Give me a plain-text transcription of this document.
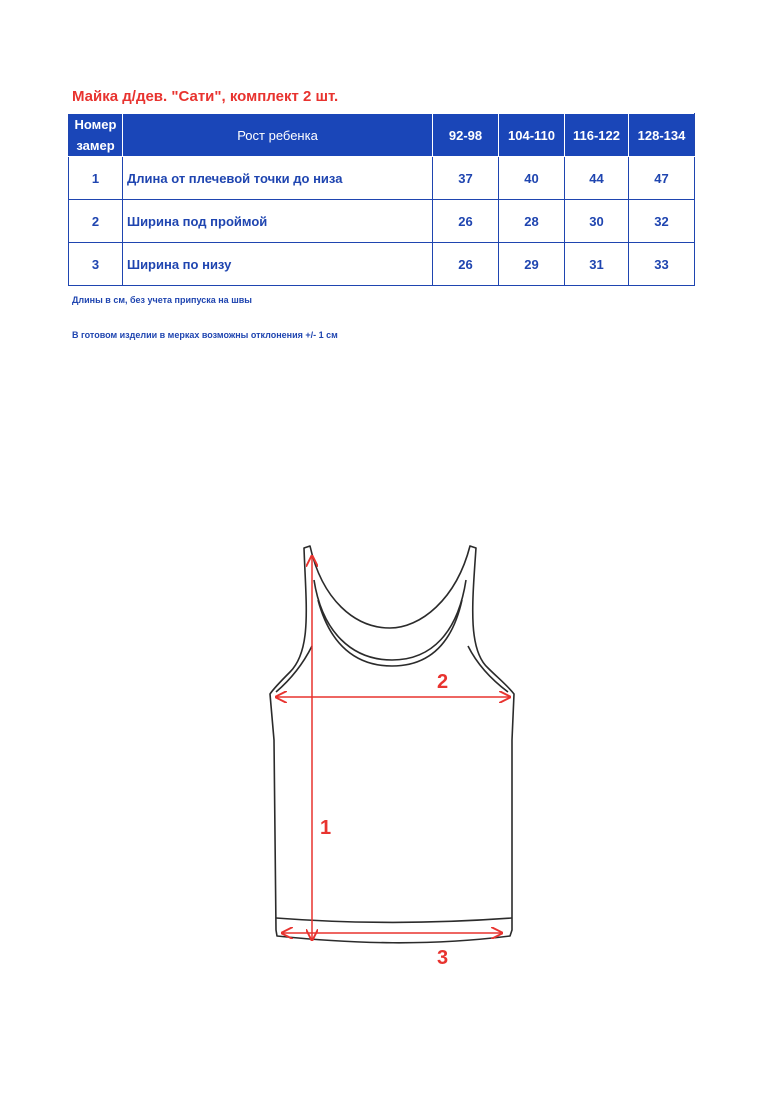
Майка д/дев. "Сати", комплект 2 шт.
Номер
замер	Рост ребенка	92-98	104-110	116-122	128-134
1	Длина от плечевой точки до низа	37	40	44	47
2	Ширина под проймой	26	28	30	32
3	Ширина по низу	26	29	31	33
Длины в см, без учета припуска на швы
В готовом изделии в мерках возможны отклонения +/- 1 см
1
2
3
